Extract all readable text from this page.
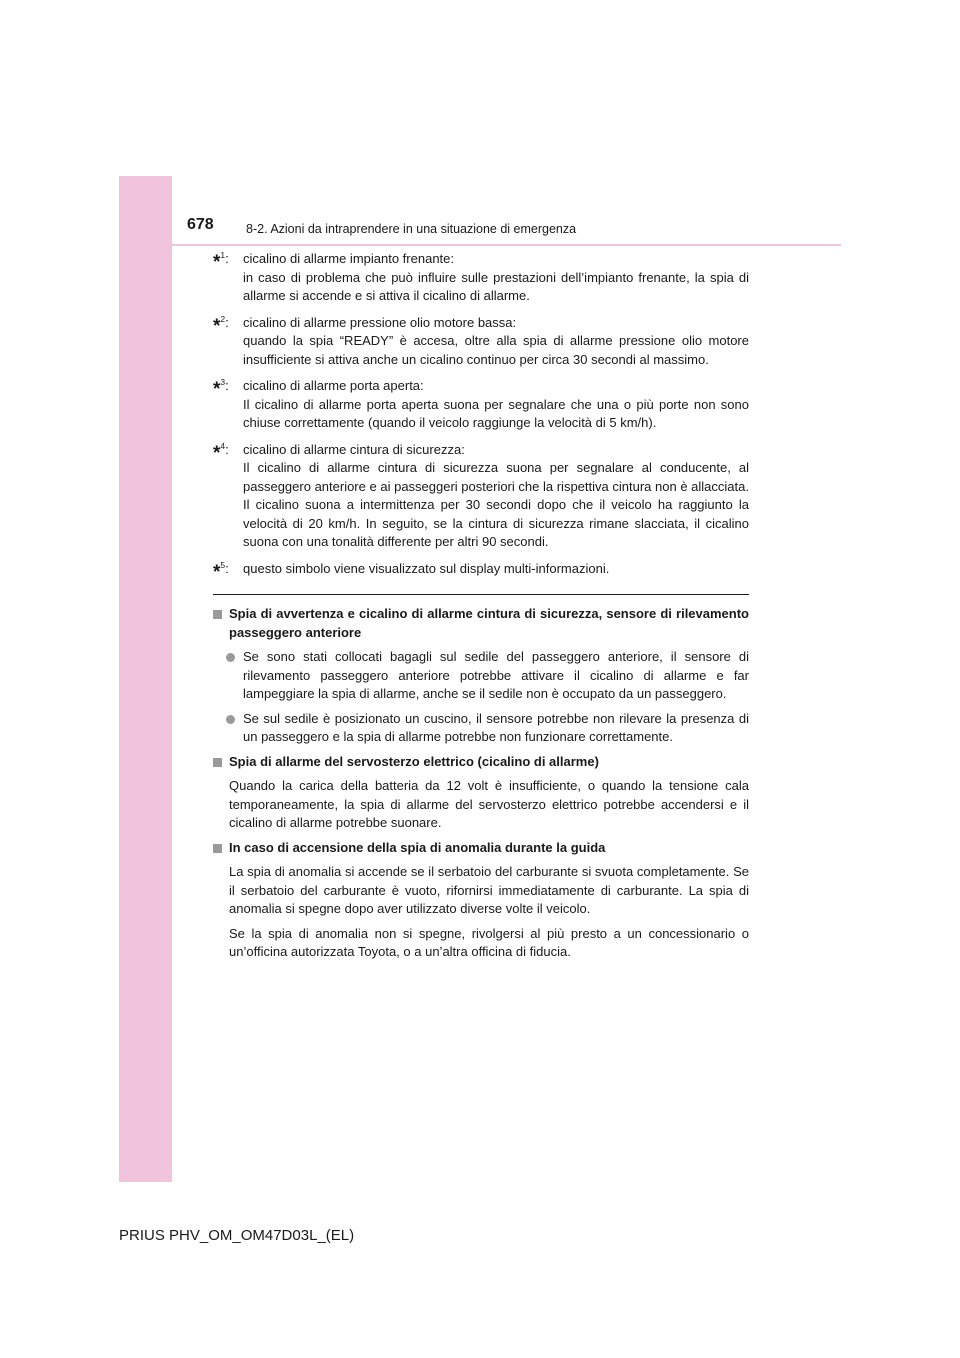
678	8-2. Azioni da intraprendere in una situazione di emergenza
*$^1$: cicalino di allarme impianto frenante:

in caso di problema che può influire sulle prestazioni dell’impianto frenante, la spia di allarme si accende e si attiva il cicalino di allarme.

*$^2$: cicalino di allarme pressione olio motore bassa:

quando la spia “READY” è accesa, oltre alla spia di allarme pressione olio motore insufficiente si attiva anche un cicalino continuo per circa 30 secondi al massimo.

*$^3$: cicalino di allarme porta aperta:

Il cicalino di allarme porta aperta suona per segnalare che una o più porte non sono chiuse correttamente (quando il veicolo raggiunge la velocità di 5 km/h).

*$^4$: cicalino di allarme cintura di sicurezza:

Il cicalino di allarme cintura di sicurezza suona per segnalare al conducente, al passeggero anteriore e ai passeggeri posteriori che la rispettiva cintura non è allacciata. Il cicalino suona a intermittenza per 30 secondi dopo che il veicolo ha raggiunto la velocità di 20 km/h. In seguito, se la cintura di sicurezza rimane slacciata, il cicalino suona con una tonalità differente per altri 90 secondi.

*$^5$: questo simbolo viene visualizzato sul display multi-informazioni.

Spia di avvertenza e cicalino di allarme cintura di sicurezza, sensore di rilevamento passeggero anteriore
Se sono stati collocati bagagli sul sedile del passeggero anteriore, il sensore di rilevamento passeggero anteriore potrebbe attivare il cicalino di allarme e far lampeggiare la spia di allarme, anche se il sedile non è occupato da un passeggero.
Se sul sedile è posizionato un cuscino, il sensore potrebbe non rilevare la presenza di un passeggero e la spia di allarme potrebbe non funzionare correttamente.
Spia di allarme del servosterzo elettrico (cicalino di allarme)

Quando la carica della batteria da 12 volt è insufficiente, o quando la tensione cala temporaneamente, la spia di allarme del servosterzo elettrico potrebbe accendersi e il cicalino di allarme potrebbe suonare.

In caso di accensione della spia di anomalia durante la guida

La spia di anomalia si accende se il serbatoio del carburante si svuota completamente. Se il serbatoio del carburante è vuoto, rifornirsi immediatamente di carburante. La spia di anomalia si spegne dopo aver utilizzato diverse volte il veicolo.

Se la spia di anomalia non si spegne, rivolgersi al più presto a un concessionario o un’officina autorizzata Toyota, o a un’altra officina di fiducia.

PRIUS PHV_OM_OM47D03L_(EL)
